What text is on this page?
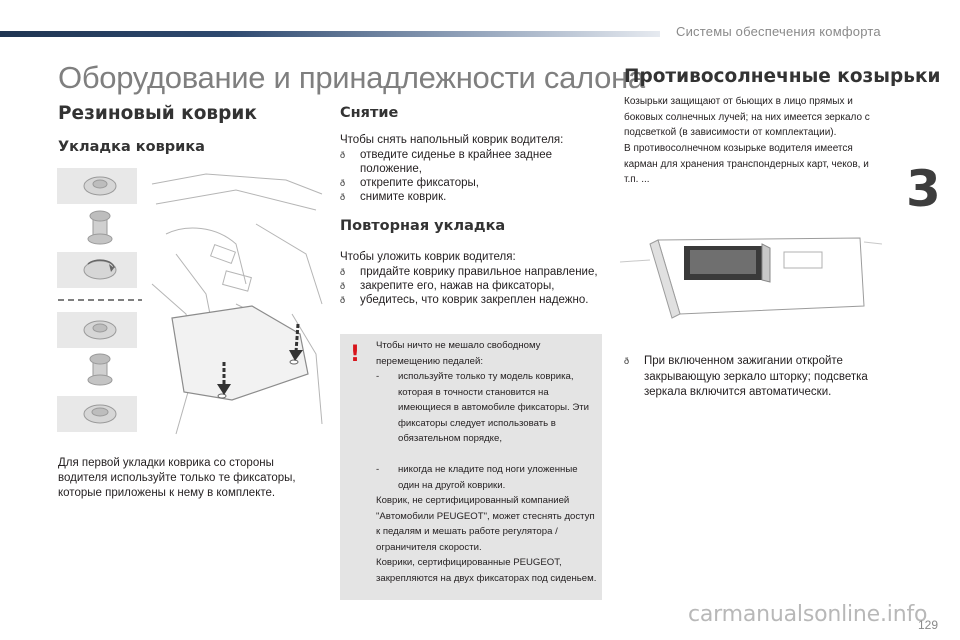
Системы обеспечения комфорта
3
Оборудование и принадлежности салона
Резиновый коврик
Укладка коврика

Для первой укладки коврика со стороны водителя используйте только те фиксаторы, которые приложены к нему в комплекте.

Снятие

Чтобы снять напольный коврик водителя:

ð отведите сиденье в крайнее заднее положение,
ð открепите фиксаторы,
ð снимите коврик.
Повторная укладка

Чтобы уложить коврик водителя:

ð придайте коврику правильное направление,
ð закрепите его, нажав на фиксаторы,
ð убедитесь, что коврик закреплен надежно.
! Чтобы ничто не мешало свободному перемещению педалей:

-	используйте только ту модель коврика, которая в точности становится на имеющиеся в автомобиле фиксаторы. Эти фиксаторы следует использовать в обязательном порядке,
-	никогда не кладите под ноги уложенные один на другой коврики.

Коврик, не сертифицированный компанией "Автомобили PEUGEOT", может стеснять доступ к педалям и мешать работе регулятора / ограничителя скорости.

Коврики, сертифицированные PEUGEOT, закрепляются на двух фиксаторах под сиденьем.

Противосолнечные козырьки

Козырьки защищают от бьющих в лицо прямых и боковых солнечных лучей; на них имеется зеркало с подсветкой (в зависимости от комплектации).

В противосолнечном козырьке водителя имеется карман для хранения транспондерных карт, чеков, и т.п. ...

ð При включенном зажигании откройте закрывающую зеркало шторку; подсветка зеркала включится автоматически.
carmanualsonline.info
129
